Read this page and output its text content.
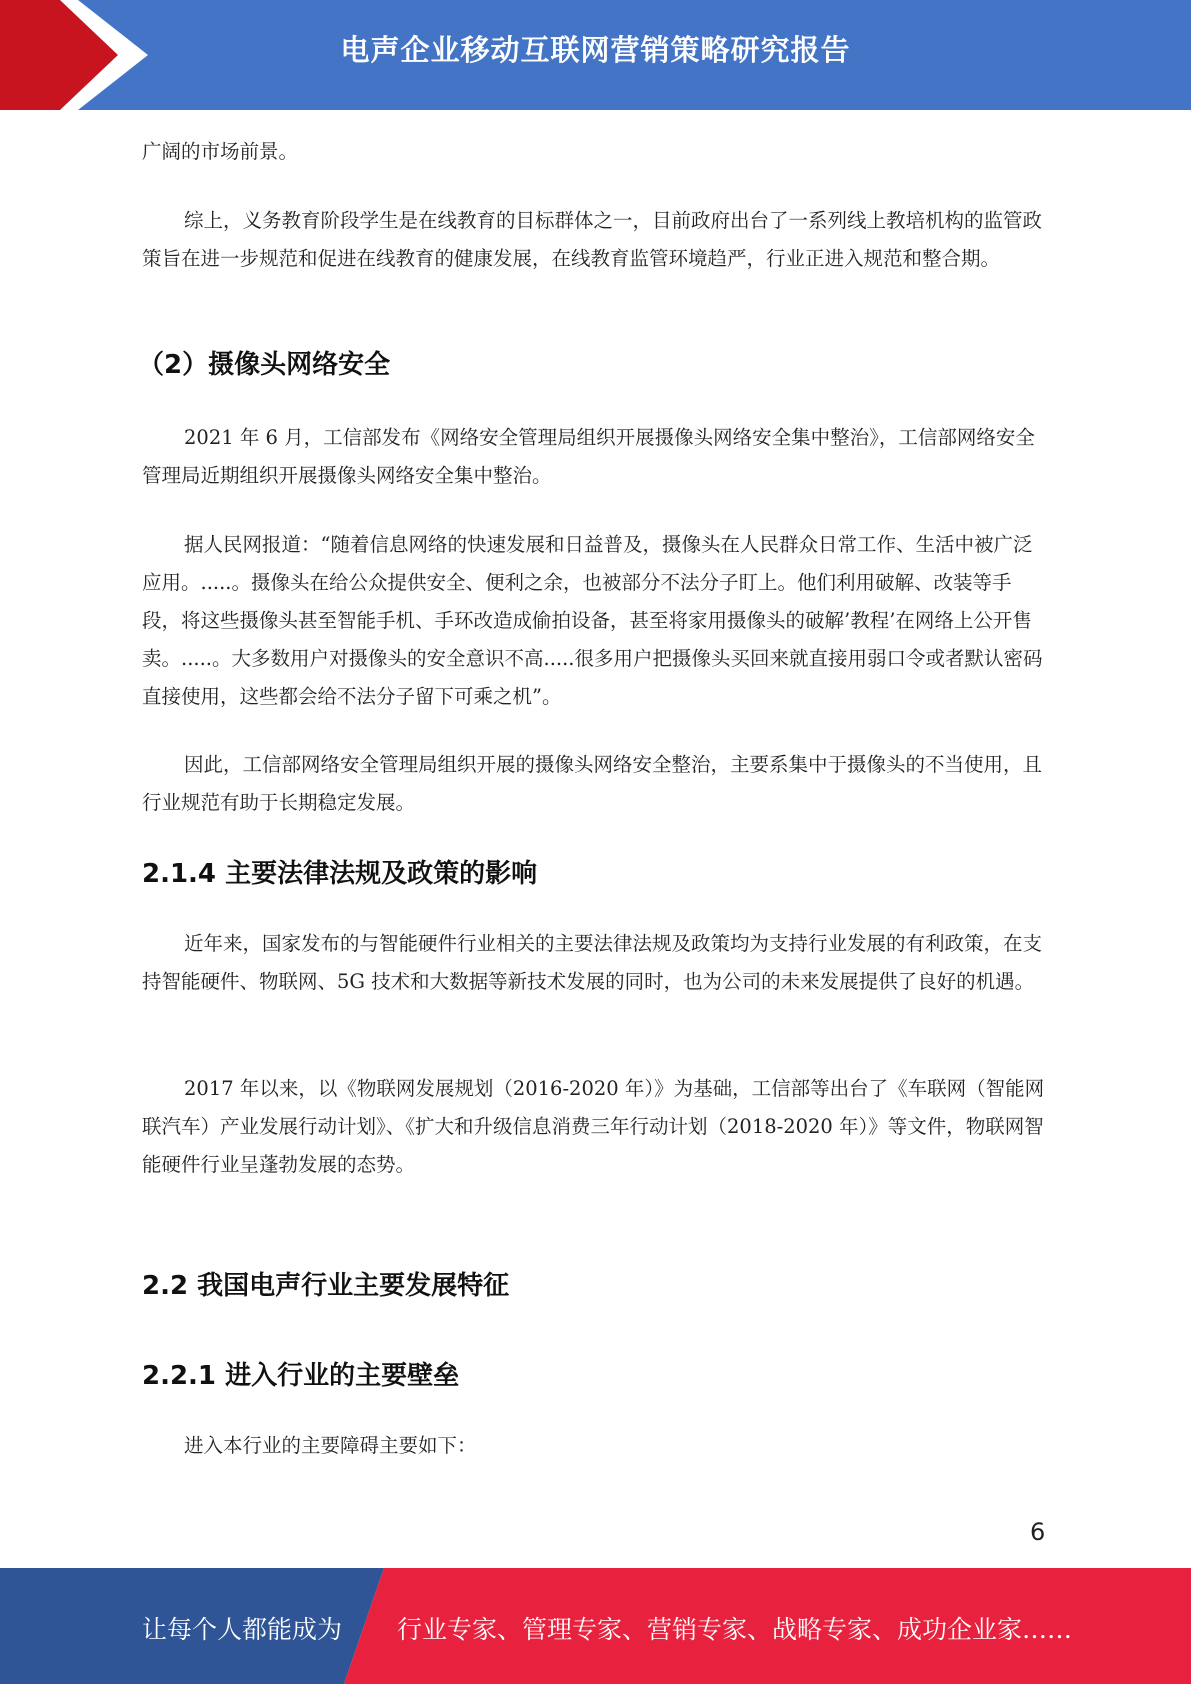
电声企业移动互联网营销策略研究报告

广阔的市场前景。

综上，义务教育阶段学生是在线教育的目标群体之一，目前政府出台了一系列线上教培机构的监管政策旨在进一步规范和促进在线教育的健康发展，在线教育监管环境趋严，行业正进入规范和整合期。

（2）摄像头网络安全

2021 年 6 月，工信部发布《网络安全管理局组织开展摄像头网络安全集中整治》，工信部网络安全管理局近期组织开展摄像头网络安全集中整治。

据人民网报道：“随着信息网络的快速发展和日益普及，摄像头在人民群众日常工作、生活中被广泛应用。.....。摄像头在给公众提供安全、便利之余，也被部分不法分子盯上。他们利用破解、改装等手段，将这些摄像头甚至智能手机、手环改造成偷拍设备，甚至将家用摄像头的破解’教程’在网络上公开售卖。.....。大多数用户对摄像头的安全意识不高.....很多用户把摄像头买回来就直接用弱口令或者默认密码直接使用，这些都会给不法分子留下可乘之机”。

因此，工信部网络安全管理局组织开展的摄像头网络安全整治，主要系集中于摄像头的不当使用，且行业规范有助于长期稳定发展。

2.1.4 主要法律法规及政策的影响

近年来，国家发布的与智能硬件行业相关的主要法律法规及政策均为支持行业发展的有利政策，在支持智能硬件、物联网、5G 技术和大数据等新技术发展的同时，也为公司的未来发展提供了良好的机遇。

2017 年以来，以《物联网发展规划（2016-2020 年）》为基础，工信部等出台了《车联网（智能网联汽车）产业发展行动计划》、《扩大和升级信息消费三年行动计划（2018-2020 年）》等文件，物联网智能硬件行业呈蓬勃发展的态势。

2.2 我国电声行业主要发展特征
2.2.1 进入行业的主要壁垒

进入本行业的主要障碍主要如下：

6
让每个人都能成为 行业专家、管理专家、营销专家、战略专家、成功企业家……
